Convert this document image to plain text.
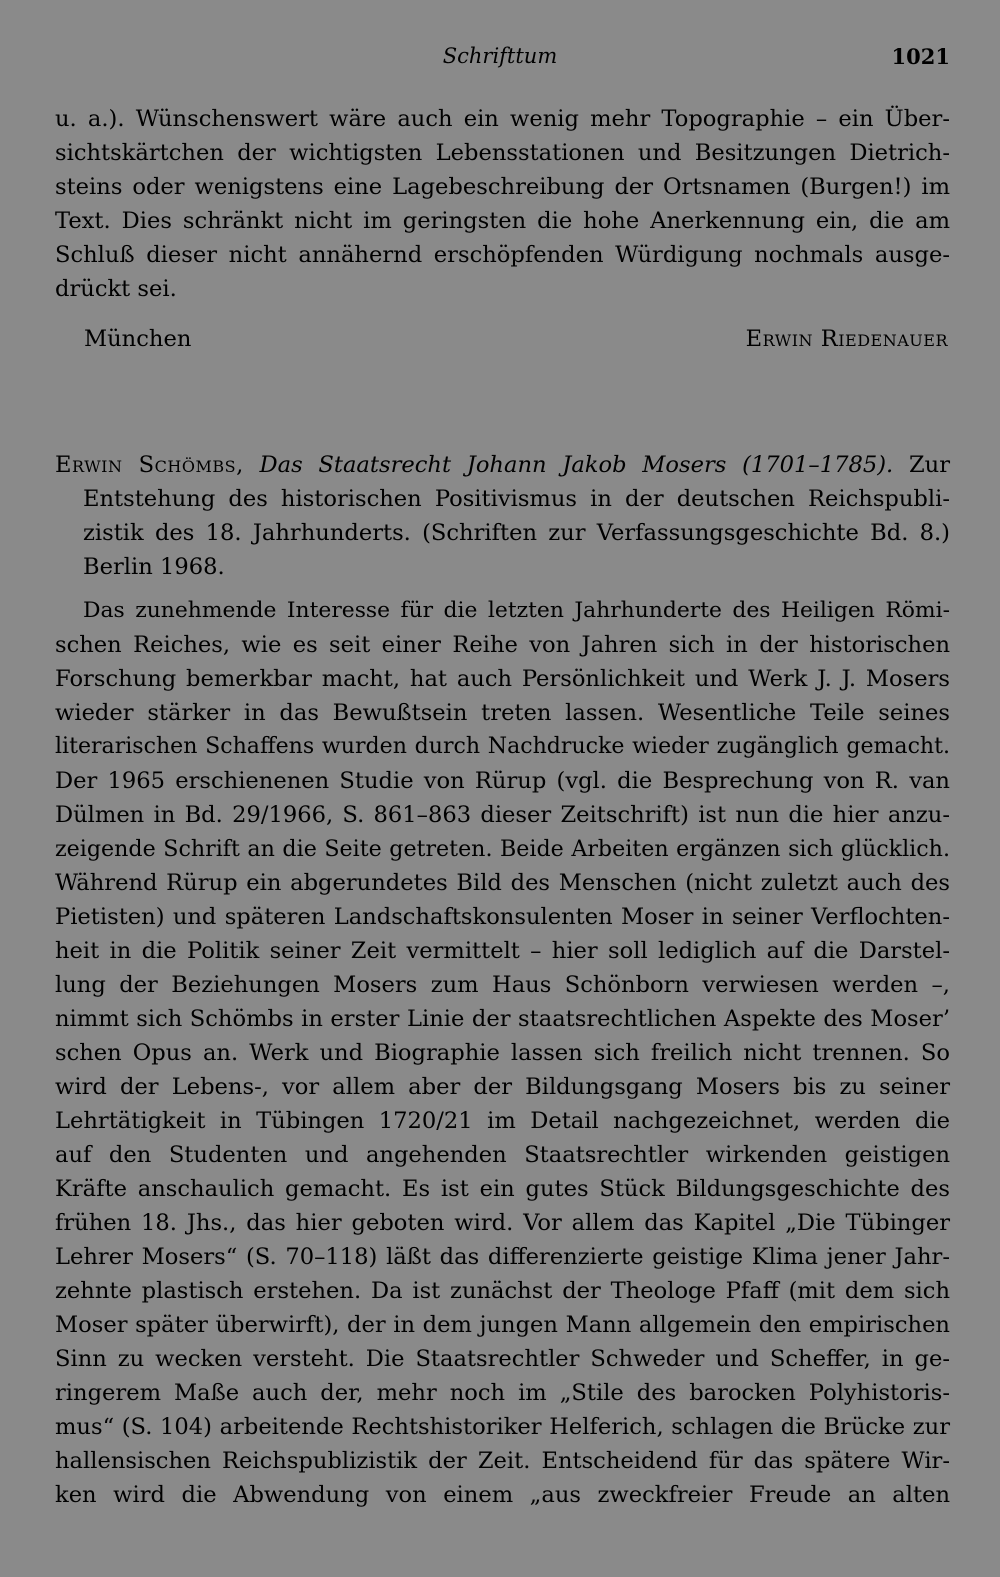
Schrifttum	1021
u. a.). Wünschenswert wäre auch ein wenig mehr Topographie – ein Über-
sichtskärtchen der wichtigsten Lebensstationen und Besitzungen Dietrich-
steins oder wenigstens eine Lagebeschreibung der Ortsnamen (Burgen!) im
Text. Dies schränkt nicht im geringsten die hohe Anerkennung ein, die am
Schluß dieser nicht annähernd erschöpfenden Würdigung nochmals ausge-
drückt sei.
München	Erwin Riedenauer
Erwin Schömbs, Das Staatsrecht Johann Jakob Mosers (1701–1785). Zur
Entstehung des historischen Positivismus in der deutschen Reichspubli-
zistik des 18. Jahrhunderts. (Schriften zur Verfassungsgeschichte Bd. 8.)
Berlin 1968.
Das zunehmende Interesse für die letzten Jahrhunderte des Heiligen Römi-
schen Reiches, wie es seit einer Reihe von Jahren sich in der historischen
Forschung bemerkbar macht, hat auch Persönlichkeit und Werk J. J. Mosers
wieder stärker in das Bewußtsein treten lassen. Wesentliche Teile seines
literarischen Schaffens wurden durch Nachdrucke wieder zugänglich gemacht.
Der 1965 erschienenen Studie von Rürup (vgl. die Besprechung von R. van
Dülmen in Bd. 29/1966, S. 861–863 dieser Zeitschrift) ist nun die hier anzu-
zeigende Schrift an die Seite getreten. Beide Arbeiten ergänzen sich glücklich.
Während Rürup ein abgerundetes Bild des Menschen (nicht zuletzt auch des
Pietisten) und späteren Landschaftskonsulenten Moser in seiner Verflochten-
heit in die Politik seiner Zeit vermittelt – hier soll lediglich auf die Darstel-
lung der Beziehungen Mosers zum Haus Schönborn verwiesen werden –,
nimmt sich Schömbs in erster Linie der staatsrechtlichen Aspekte des Moser’
schen Opus an. Werk und Biographie lassen sich freilich nicht trennen. So
wird der Lebens-, vor allem aber der Bildungsgang Mosers bis zu seiner
Lehrtätigkeit in Tübingen 1720/21 im Detail nachgezeichnet, werden die
auf den Studenten und angehenden Staatsrechtler wirkenden geistigen
Kräfte anschaulich gemacht. Es ist ein gutes Stück Bildungsgeschichte des
frühen 18. Jhs., das hier geboten wird. Vor allem das Kapitel „Die Tübinger
Lehrer Mosers“ (S. 70–118) läßt das differenzierte geistige Klima jener Jahr-
zehnte plastisch erstehen. Da ist zunächst der Theologe Pfaff (mit dem sich
Moser später überwirft), der in dem jungen Mann allgemein den empirischen
Sinn zu wecken versteht. Die Staatsrechtler Schweder und Scheffer, in ge-
ringerem Maße auch der, mehr noch im „Stile des barocken Polyhistoris-
mus“ (S. 104) arbeitende Rechtshistoriker Helferich, schlagen die Brücke zur
hallensischen Reichspublizistik der Zeit. Entscheidend für das spätere Wir-
ken wird die Abwendung von einem „aus zweckfreier Freude an alten
